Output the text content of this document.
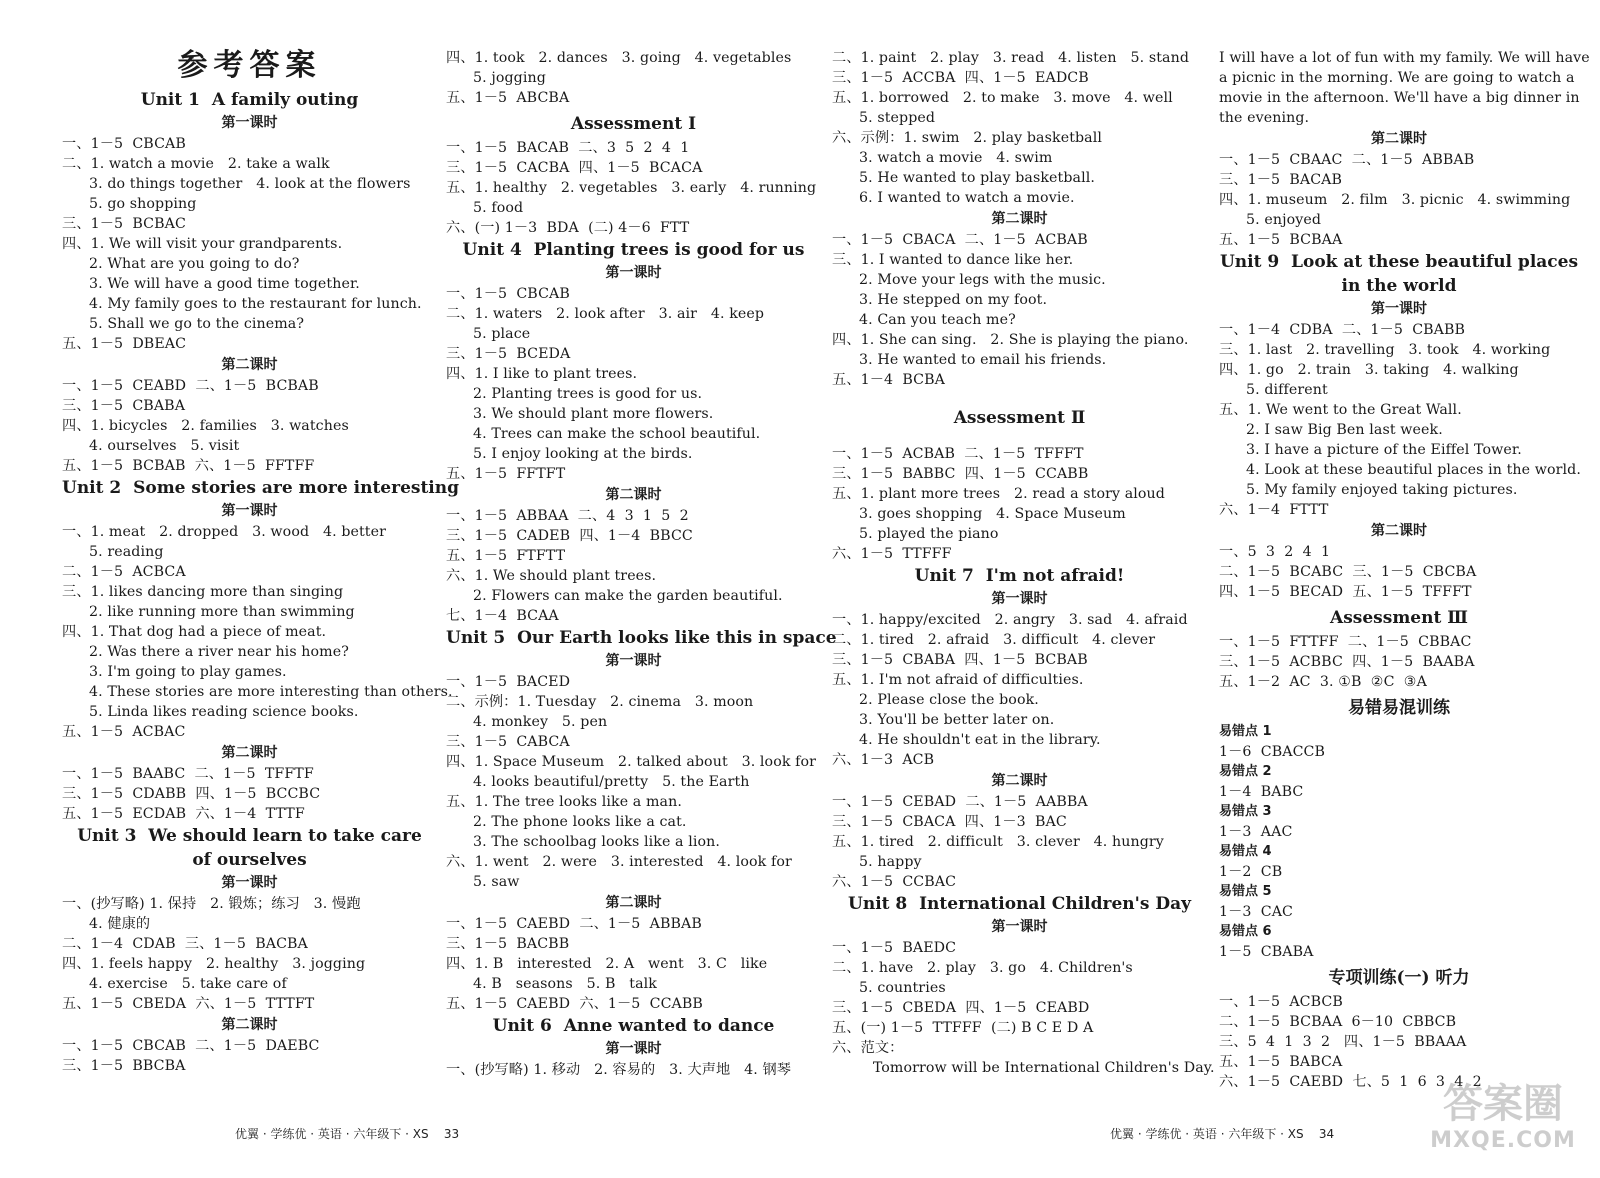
参考答案
Unit 1  A family outing
第一课时
一、1－5  CBCAB
二、1. watch a movie   2. take a walk
3. do things together   4. look at the flowers
5. go shopping
三、1－5  BCBAC
四、1. We will visit your grandparents.
2. What are you going to do?
3. We will have a good time together.
4. My family goes to the restaurant for lunch.
5. Shall we go to the cinema?
五、1－5  DBEAC
第二课时
一、1－5  CEABD  二、1－5  BCBAB
三、1－5  CBABA
四、1. bicycles   2. families   3. watches
4. ourselves   5. visit
五、1－5  BCBAB  六、1－5  FFTFF
Unit 2  Some stories are more interesting
第一课时
一、1. meat   2. dropped   3. wood   4. better
5. reading
二、1－5  ACBCA
三、1. likes dancing more than singing
2. like running more than swimming
四、1. That dog had a piece of meat.
2. Was there a river near his home?
3. I'm going to play games.
4. These stories are more interesting than others.
5. Linda likes reading science books.
五、1－5  ACBAC
第二课时
一、1－5  BAABC  二、1－5  TFFTF
三、1－5  CDABB  四、1－5  BCCBC
五、1－5  ECDAB  六、1－4  TTTF
Unit 3  We should learn to take care
of ourselves
第一课时
一、(抄写略) 1. 保持   2. 锻炼；练习   3. 慢跑
4. 健康的
二、1－4  CDAB  三、1－5  BACBA
四、1. feels happy   2. healthy   3. jogging
4. exercise   5. take care of
五、1－5  CBEDA  六、1－5  TTTFT
第二课时
一、1－5  CBCAB  二、1－5  DAEBC
三、1－5  BBCBA
四、1. took   2. dances   3. going   4. vegetables
5. jogging
五、1－5  ABCBA
Assessment Ⅰ
一、1－5  BACAB  二、3  5  2  4  1
三、1－5  CACBA  四、1－5  BCACA
五、1. healthy   2. vegetables   3. early   4. running
5. food
六、(一) 1－3  BDA  (二) 4－6  FTT
Unit 4  Planting trees is good for us
第一课时
一、1－5  CBCAB
二、1. waters   2. look after   3. air   4. keep
5. place
三、1－5  BCEDA
四、1. I like to plant trees.
2. Planting trees is good for us.
3. We should plant more flowers.
4. Trees can make the school beautiful.
5. I enjoy looking at the birds.
五、1－5  FFTFT
第二课时
一、1－5  ABBAA  二、4  3  1  5  2
三、1－5  CADEB  四、1－4  BBCC
五、1－5  FTFTT
六、1. We should plant trees.
2. Flowers can make the garden beautiful.
七、1－4  BCAA
Unit 5  Our Earth looks like this in space
第一课时
一、1－5  BACED
二、示例：1. Tuesday   2. cinema   3. moon
4. monkey   5. pen
三、1－5  CABCA
四、1. Space Museum   2. talked about   3. look for
4. looks beautiful/pretty   5. the Earth
五、1. The tree looks like a man.
2. The phone looks like a cat.
3. The schoolbag looks like a lion.
六、1. went   2. were   3. interested   4. look for
5. saw
第二课时
一、1－5  CAEBD  二、1－5  ABBAB
三、1－5  BACBB
四、1. B   interested   2. A   went   3. C   like
4. B   seasons   5. B   talk
五、1－5  CAEBD  六、1－5  CCABB
Unit 6  Anne wanted to dance
第一课时
一、(抄写略) 1. 移动   2. 容易的   3. 大声地   4. 钢琴
二、1. paint   2. play   3. read   4. listen   5. stand
三、1－5  ACCBA  四、1－5  EADCB
五、1. borrowed   2. to make   3. move   4. well
5. stepped
六、示例：1. swim   2. play basketball
3. watch a movie   4. swim
5. He wanted to play basketball.
6. I wanted to watch a movie.
第二课时
一、1－5  CBACA  二、1－5  ACBAB
三、1. I wanted to dance like her.
2. Move your legs with the music.
3. He stepped on my foot.
4. Can you teach me?
四、1. She can sing.   2. She is playing the piano.
3. He wanted to email his friends.
五、1－4  BCBA
Assessment Ⅱ
一、1－5  ACBAB  二、1－5  TFFFT
三、1－5  BABBC  四、1－5  CCABB
五、1. plant more trees   2. read a story aloud
3. goes shopping   4. Space Museum
5. played the piano
六、1－5  TTFFF
Unit 7  I'm not afraid!
第一课时
一、1. happy/excited   2. angry   3. sad   4. afraid
二、1. tired   2. afraid   3. difficult   4. clever
三、1－5  CBABA  四、1－5  BCBAB
五、1. I'm not afraid of difficulties.
2. Please close the book.
3. You'll be better later on.
4. He shouldn't eat in the library.
六、1－3  ACB
第二课时
一、1－5  CEBAD  二、1－5  AABBA
三、1－5  CBACA  四、1－3  BAC
五、1. tired   2. difficult   3. clever   4. hungry
5. happy
六、1－5  CCBAC
Unit 8  International Children's Day
第一课时
一、1－5  BAEDC
二、1. have   2. play   3. go   4. Children's
5. countries
三、1－5  CBEDA  四、1－5  CEABD
五、(一) 1－5  TTFFF  (二) B C E D A
六、范文：
Tomorrow will be International Children's Day.
I will have a lot of fun with my family. We will have
a picnic in the morning. We are going to watch a
movie in the afternoon. We'll have a big dinner in
the evening.
第二课时
一、1－5  CBAAC  二、1－5  ABBAB
三、1－5  BACAB
四、1. museum   2. film   3. picnic   4. swimming
5. enjoyed
五、1－5  BCBAA
Unit 9  Look at these beautiful places
in the world
第一课时
一、1－4  CDBA  二、1－5  CBABB
三、1. last   2. travelling   3. took   4. working
四、1. go   2. train   3. taking   4. walking
5. different
五、1. We went to the Great Wall.
2. I saw Big Ben last week.
3. I have a picture of the Eiffel Tower.
4. Look at these beautiful places in the world.
5. My family enjoyed taking pictures.
六、1－4  FTTT
第二课时
一、5  3  2  4  1
二、1－5  BCABC  三、1－5  CBCBA
四、1－5  BECAD  五、1－5  TFFFT
Assessment Ⅲ
一、1－5  FTTFF  二、1－5  CBBAC
三、1－5  ACBBC  四、1－5  BAABA
五、1－2  AC  3. ①B  ②C  ③A
易错易混训练
易错点 1
1－6  CBACCB
易错点 2
1－4  BABC
易错点 3
1－3  AAC
易错点 4
1－2  CB
易错点 5
1－3  CAC
易错点 6
1－5  CBABA
专项训练(一) 听力
一、1－5  ACBCB
二、1－5  BCBAA  6－10  CBBCB
三、5  4  1  3  2   四、1－5  BBAAA
五、1－5  BABCA
六、1－5  CAEBD  七、5  1  6  3  4  2
优翼 · 学练优 · 英语 · 六年级下 · XS    33	优翼 · 学练优 · 英语 · 六年级下 · XS    34
答案圈
MXQE.COM
